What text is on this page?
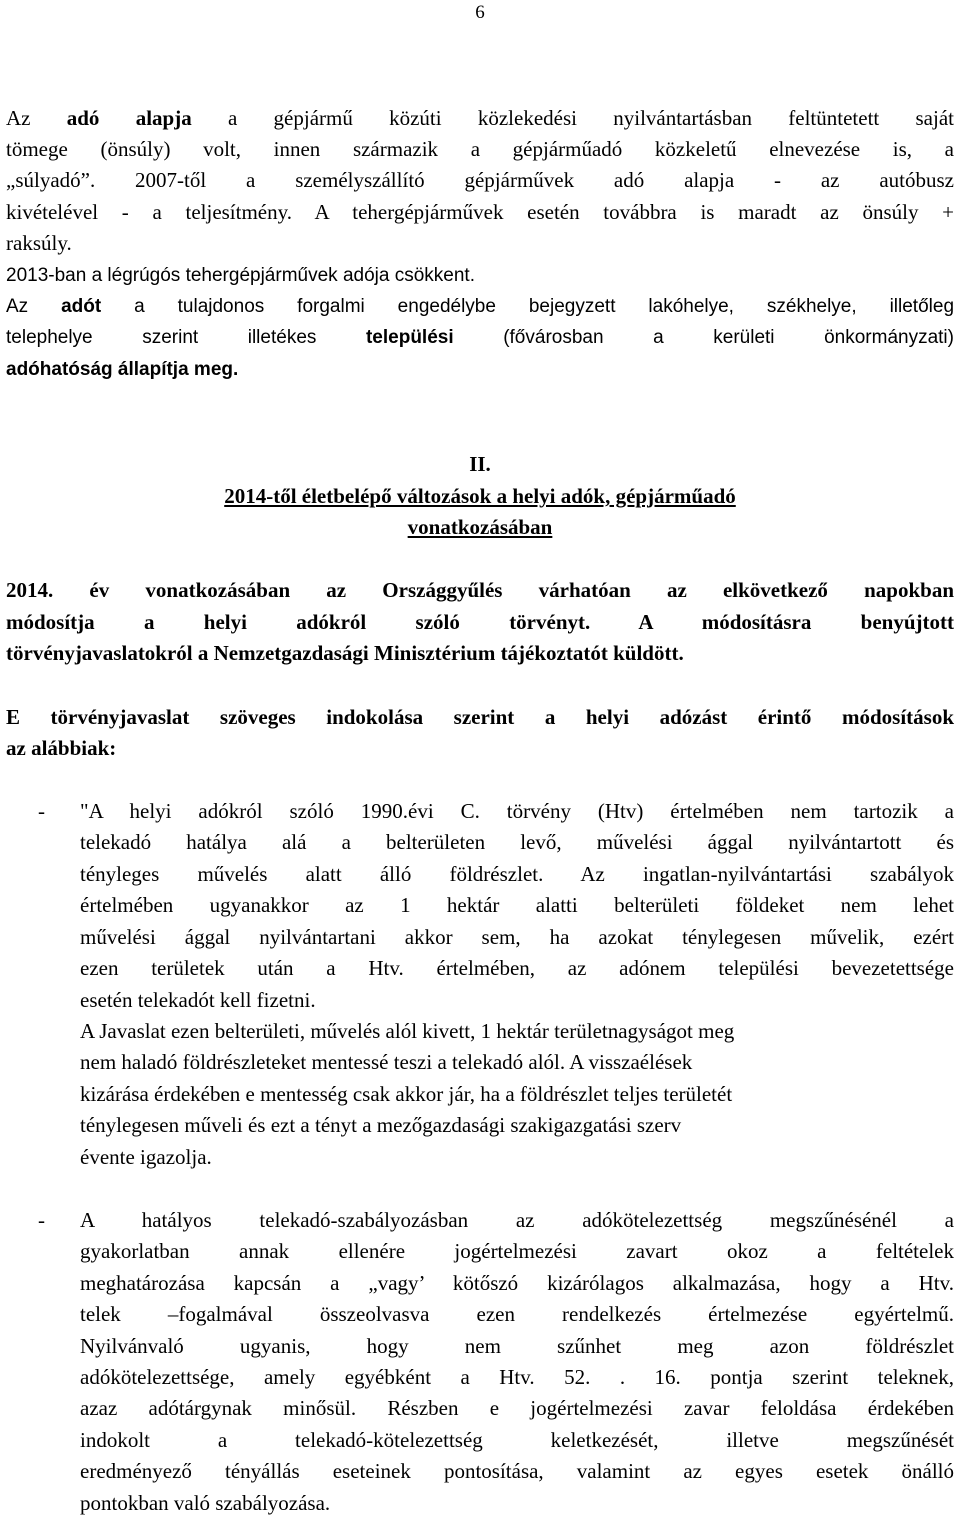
6
Az adó alapja a gépjármű közúti közlekedési nyilvántartásban feltüntetett saját
tömege (önsúly) volt, innen származik a gépjárműadó közkeletű elnevezése is, a
„súlyadó”. 2007-től a személyszállító gépjárművek adó alapja - az autóbusz
kivételével - a teljesítmény. A tehergépjárművek esetén továbbra is maradt az önsúly +
raksúly.
2013-ban a légrúgós tehergépjárművek adója csökkent.
Az adót a tulajdonos forgalmi engedélybe bejegyzett lakóhelye, székhelye, illetőleg
telephelye szerint illetékes települési (fővárosban a kerületi önkormányzati)
adóhatóság állapítja meg.
II.
2014-től életbelépő változások a helyi adók, gépjárműadó
vonatkozásában
2014. év vonatkozásában az Országgyűlés várhatóan az elkövetkező napokban
módosítja a helyi adókról szóló törvényt. A módosításra benyújtott
törvényjavaslatokról a Nemzetgazdasági Minisztérium tájékoztatót küldött.
E törvényjavaslat szöveges indokolása szerint a helyi adózást érintő módosítások
az alábbiak:
- "A helyi adókról szóló 1990.évi C. törvény (Htv) értelmében nem tartozik a
telekadó hatálya alá a belterületen levő, művelési ággal nyilvántartott és
tényleges művelés alatt álló földrészlet. Az ingatlan-nyilvántartási szabályok
értelmében ugyanakkor az 1 hektár alatti belterületi földeket nem lehet
művelési ággal nyilvántartani akkor sem, ha azokat ténylegesen művelik, ezért
ezen területek után a Htv. értelmében, az adónem települési bevezetettsége
esetén telekadót kell fizetni.
A Javaslat ezen belterületi, művelés alól kivett, 1 hektár területnagyságot meg
nem haladó földrészleteket mentessé teszi a telekadó alól. A visszaélések
kizárása érdekében e mentesség csak akkor jár, ha a földrészlet teljes területét
ténylegesen műveli és ezt a tényt a mezőgazdasági szakigazgatási szerv
évente igazolja.
- A hatályos telekadó-szabályozásban az adókötelezettség megszűnésénél a
gyakorlatban annak ellenére jogértelmezési zavart okoz a feltételek
meghatározása kapcsán a „vagy’ kötőszó kizárólagos alkalmazása, hogy a Htv.
telek –fogalmával összeolvasva ezen rendelkezés értelmezése egyértelmű.
Nyilvánvaló ugyanis, hogy nem szűnhet meg azon földrészlet
adókötelezettsége, amely egyébként a Htv. 52. . 16. pontja szerint teleknek,
azaz adótárgynak minősül. Részben e jogértelmezési zavar feloldása érdekében
indokolt a telekadó-kötelezettség keletkezését, illetve megszűnését
eredményező tényállás eseteinek pontosítása, valamint az egyes esetek önálló
pontokban való szabályozása.
